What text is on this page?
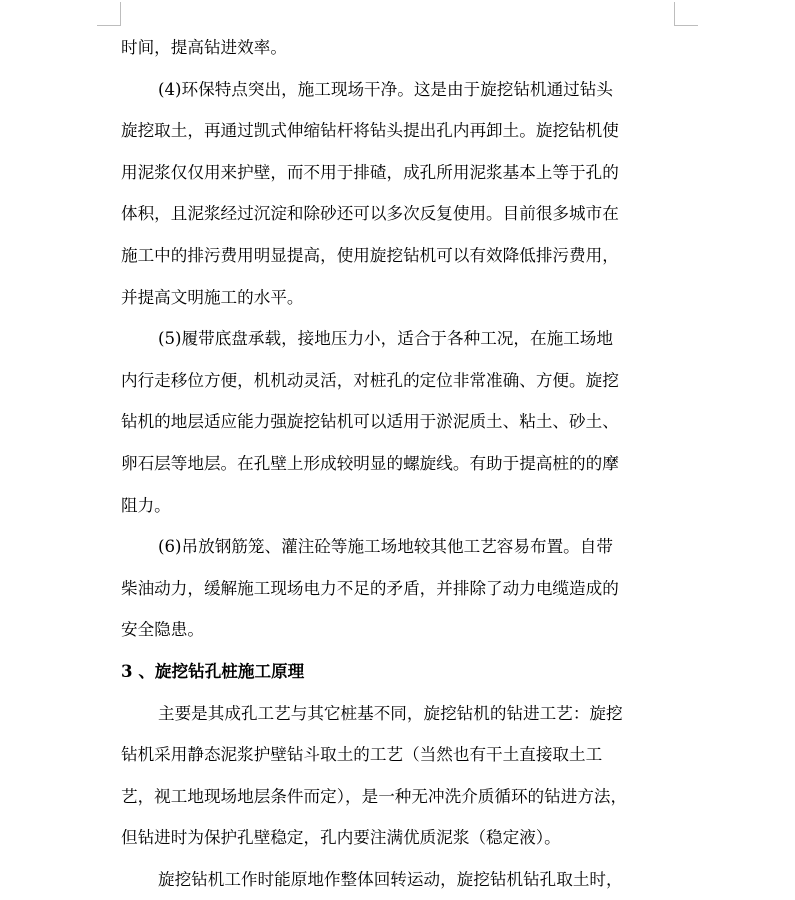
时间，提高钻进效率。
(4)环保特点突出，施工现场干净。这是由于旋挖钻机通过钻头
旋挖取土，再通过凯式伸缩钻杆将钻头提出孔内再卸土。旋挖钻机使
用泥浆仅仅用来护壁，而不用于排碴，成孔所用泥浆基本上等于孔的
体积，且泥浆经过沉淀和除砂还可以多次反复使用。目前很多城市在
施工中的排污费用明显提高，使用旋挖钻机可以有效降低排污费用，
并提高文明施工的水平。
(5)履带底盘承载，接地压力小，适合于各种工况，在施工场地
内行走移位方便，机机动灵活，对桩孔的定位非常准确、方便。旋挖
钻机的地层适应能力强旋挖钻机可以适用于淤泥质土、粘土、砂土、
卵石层等地层。在孔壁上形成较明显的螺旋线。有助于提高桩的的摩
阻力。
(6)吊放钢筋笼、灌注砼等施工场地较其他工艺容易布置。自带
柴油动力，缓解施工现场电力不足的矛盾，并排除了动力电缆造成的
安全隐患。
3 、旋挖钻孔桩施工原理
主要是其成孔工艺与其它桩基不同，旋挖钻机的钻进工艺：旋挖
钻机采用静态泥浆护壁钻斗取土的工艺（当然也有干土直接取土工
艺，视工地现场地层条件而定），是一种无冲洗介质循环的钻进方法，
但钻进时为保护孔壁稳定，孔内要注满优质泥浆（稳定液）。
旋挖钻机工作时能原地作整体回转运动，旋挖钻机钻孔取土时，
